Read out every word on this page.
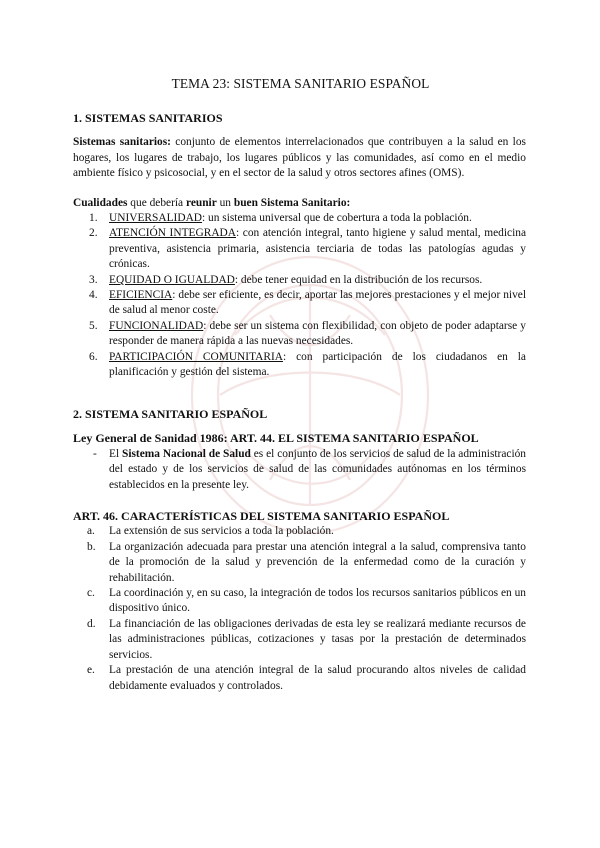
TEMA 23: SISTEMA SANITARIO ESPAÑOL
1. SISTEMAS SANITARIOS

Sistemas sanitarios: conjunto de elementos interrelacionados que contribuyen a la salud en los hogares, los lugares de trabajo, los lugares públicos y las comunidades, así como en el medio ambiente físico y psicosocial, y en el sector de la salud y otros sectores afines (OMS).

Cualidades que debería reunir un buen Sistema Sanitario:

1.	UNIVERSALIDAD: un sistema universal que de cobertura a toda la población.
2.	ATENCIÓN INTEGRADA: con atención integral, tanto higiene y salud mental, medicina preventiva, asistencia primaria, asistencia terciaria de todas las patologías agudas y crónicas.
3.	EQUIDAD O IGUALDAD: debe tener equidad en la distribución de los recursos.
4.	EFICIENCIA: debe ser eficiente, es decir, aportar las mejores prestaciones y el mejor nivel de salud al menor coste.
5.	FUNCIONALIDAD: debe ser un sistema con flexibilidad, con objeto de poder adaptarse y responder de manera rápida a las nuevas necesidades.
6.	PARTICIPACIÓN COMUNITARIA: con participación de los ciudadanos en la planificación y gestión del sistema.
2. SISTEMA SANITARIO ESPAÑOL
Ley General de Sanidad 1986: ART. 44. EL SISTEMA SANITARIO ESPAÑOL
- El Sistema Nacional de Salud es el conjunto de los servicios de salud de la administración del estado y de los servicios de salud de las comunidades autónomas en los términos establecidos en la presente ley.
ART. 46. CARACTERÍSTICAS DEL SISTEMA SANITARIO ESPAÑOL
a. La extensión de sus servicios a toda la población.
b. La organización adecuada para prestar una atención integral a la salud, comprensiva tanto de la promoción de la salud y prevención de la enfermedad como de la curación y rehabilitación.
c. La coordinación y, en su caso, la integración de todos los recursos sanitarios públicos en un dispositivo único.
d. La financiación de las obligaciones derivadas de esta ley se realizará mediante recursos de las administraciones públicas, cotizaciones y tasas por la prestación de determinados servicios.
e. La prestación de una atención integral de la salud procurando altos niveles de calidad debidamente evaluados y controlados.
